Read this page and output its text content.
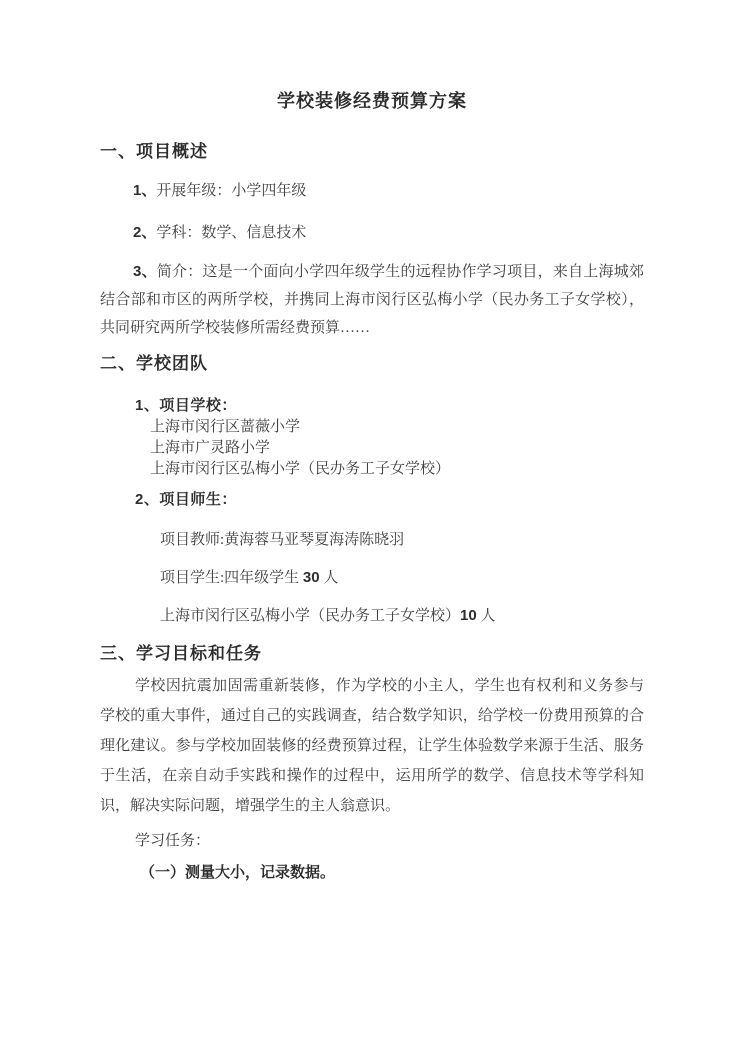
学校装修经费预算方案
一、项目概述
1、开展年级：小学四年级
2、学科：数学、信息技术
3、简介：这是一个面向小学四年级学生的远程协作学习项目，来自上海城郊结合部和市区的两所学校，并携同上海市闵行区弘梅小学（民办务工子女学校），共同研究两所学校装修所需经费预算……
二、学校团队
1、项目学校：
上海市闵行区蔷薇小学
上海市广灵路小学
上海市闵行区弘梅小学（民办务工子女学校）
2、项目师生：
项目教师:黄海蓉马亚琴夏海涛陈晓羽
项目学生:四年级学生 30 人
上海市闵行区弘梅小学（民办务工子女学校）10 人
三、学习目标和任务
学校因抗震加固需重新装修，作为学校的小主人，学生也有权利和义务参与学校的重大事件，通过自己的实践调查，结合数学知识，给学校一份费用预算的合理化建议。参与学校加固装修的经费预算过程，让学生体验数学来源于生活、服务于生活，在亲自动手实践和操作的过程中，运用所学的数学、信息技术等学科知识，解决实际问题，增强学生的主人翁意识。
学习任务：
（一）测量大小，记录数据。
